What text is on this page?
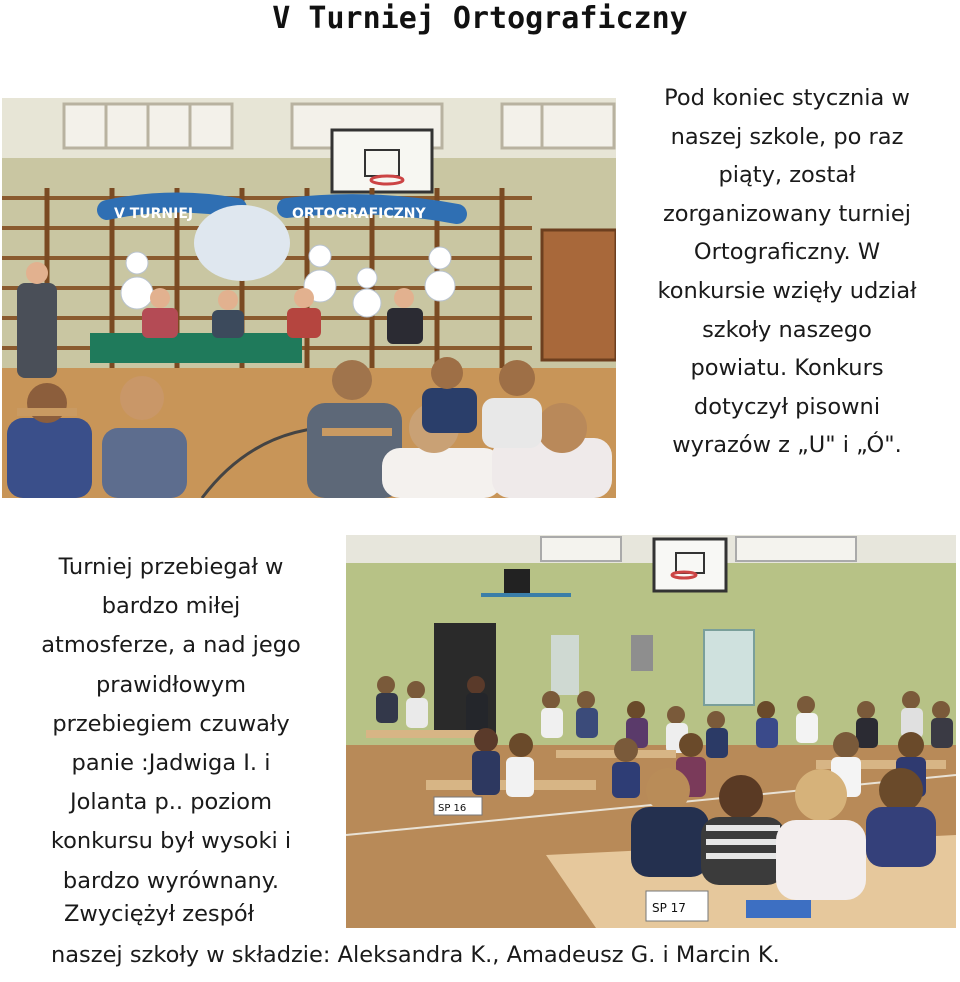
V Turniej Ortograficzny
V TURNIEJ	ORTOGRAFICZNY
Pod koniec stycznia w
naszej szkole, po raz
piąty, został
zorganizowany turniej
Ortograficzny. W
konkursie wzięły udział
szkoły naszego
powiatu. Konkurs
dotyczył pisowni
wyrazów z „U" i „Ó".
Turniej przebiegał w
bardzo miłej
atmosferze, a nad jego
prawidłowym
przebiegiem czuwały
panie :Jadwiga I. i
Jolanta p.. poziom
konkursu był wysoki i
bardzo wyrównany.
SP 17
SP 16
Zwyciężył zespół
naszej szkoły w składzie: Aleksandra K., Amadeusz G. i Marcin K.
